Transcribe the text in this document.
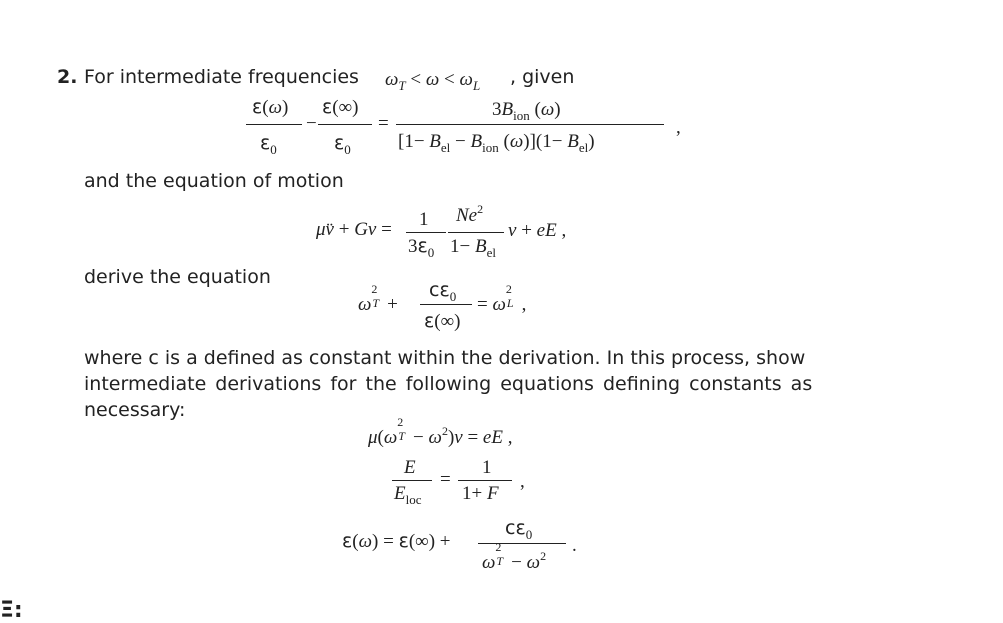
2. For intermediate frequencies $\omega_T < \omega < \omega_L$ , given
ε(ω)
$\varepsilon_0$
−
ε(∞)
$\varepsilon_0$
=
$3B_{ion}$ (ω)
[$1- B_{el} - B_{ion}$ $(\omega)](1- B_{el})$
,
and the equation of motion
μv̈ + Gv = 1
$3\varepsilon_0$
Ne$^2$
$1- B_{el}$
v + eE ,
derive the equation
ω
2
T +
$c\varepsilon_0$
ε(∞)
= ω
2
L ,
where c is a defined as constant within the derivation. In this process, show
intermediate derivations for the following equations defining constants as
necessary:
μ(ω
2
$T - \omega^2)v$ = eE ,
E
$E_{loc}$
=
1
1+ F
,
ε(ω) = ε(∞) +
$c\varepsilon_0$
ω
2
$T - \omega^2$ .
Ξ:
